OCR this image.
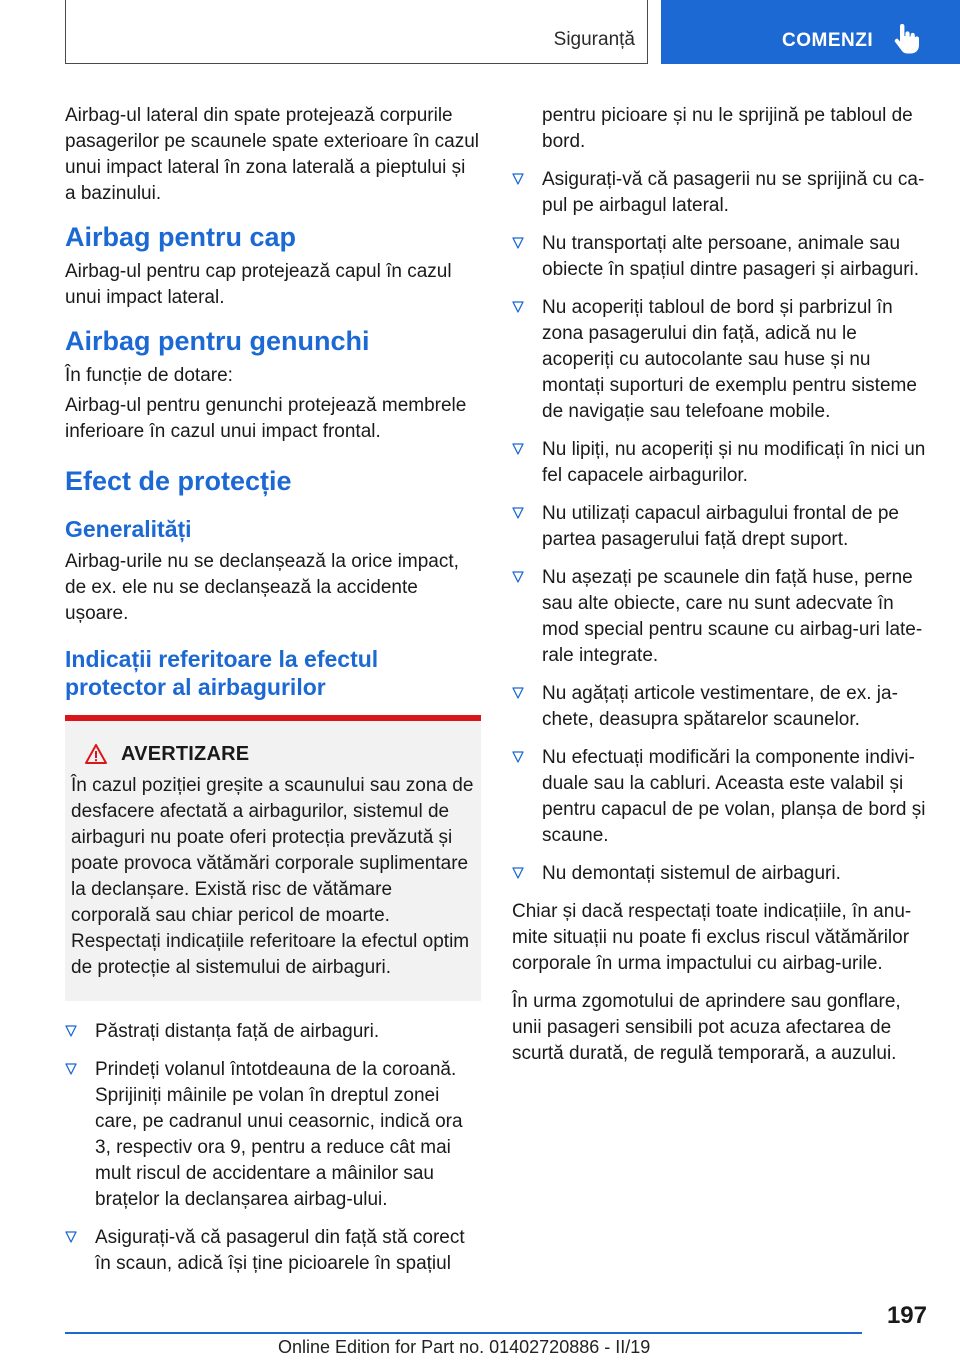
Siguranță	COMENZI

Airbag-ul lateral din spate protejează corpurile pasagerilor pe scaunele spate exterioare în cazul unui impact lateral în zona laterală a pieptului și a bazinului.

Airbag pentru cap

Airbag-ul pentru cap protejează capul în cazul unui impact lateral.

Airbag pentru genunchi

În funcție de dotare:

Airbag-ul pentru genunchi protejează membrele inferioare în cazul unui impact frontal.

Efect de protecție
Generalități

Airbag-urile nu se declanșează la orice impact, de ex. ele nu se declanșează la accidente ușoare.

Indicații referitoare la efectul protector al airbagurilor
AVERTIZARE

În cazul poziției greșite a scaunului sau zona de desfacere afectată a airbagurilor, sistemul de airbaguri nu poate oferi protecția prevăzută și poate provoca vătămări corporale suplimentare la declanșare. Există risc de vătămare corporală sau chiar pericol de moarte. Respectați indicațiile referitoare la efectul optim de protecție al sistemului de airbaguri.

Păstrați distanța față de airbaguri.
Prindeți volanul întotdeauna de la coroană. Sprijiniți mâinile pe volan în dreptul zonei care, pe cadranul unui ceasornic, indică ora 3, respectiv ora 9, pentru a reduce cât mai mult riscul de accidentare a mâinilor sau brațelor la declanșarea airbag-ului.
Asigurați-vă că pasagerul din față stă corect în scaun, adică își ține picioarele în spațiul

pentru picioare și nu le sprijină pe tabloul de bord.

Asigurați-vă că pasagerii nu se sprijină cu capul pe airbagul lateral.
Nu transportați alte persoane, animale sau obiecte în spațiul dintre pasageri și airbaguri.
Nu acoperiți tabloul de bord și parbrizul în zona pasagerului din față, adică nu le acoperiți cu autocolante sau huse și nu montați suporturi de exemplu pentru sisteme de navigație sau telefoane mobile.
Nu lipiți, nu acoperiți și nu modificați în nici un fel capacele airbagurilor.
Nu utilizați capacul airbagului frontal de pe partea pasagerului față drept suport.
Nu așezați pe scaunele din față huse, perne sau alte obiecte, care nu sunt adecvate în mod special pentru scaune cu airbag-uri laterale integrate.
Nu agățați articole vestimentare, de ex. jachete, deasupra spătarelor scaunelor.
Nu efectuați modificări la componente individuale sau la cabluri. Aceasta este valabil și pentru capacul de pe volan, planșa de bord și scaune.
Nu demontați sistemul de airbaguri.

Chiar și dacă respectați toate indicațiile, în anumite situații nu poate fi exclus riscul vătămărilor corporale în urma impactului cu airbag-urile.

În urma zgomotului de aprindere sau gonflare, unii pasageri sensibili pot acuza afectarea de scurtă durată, de regulă temporară, a auzului.

197
Online Edition for Part no. 01402720886 - II/19
